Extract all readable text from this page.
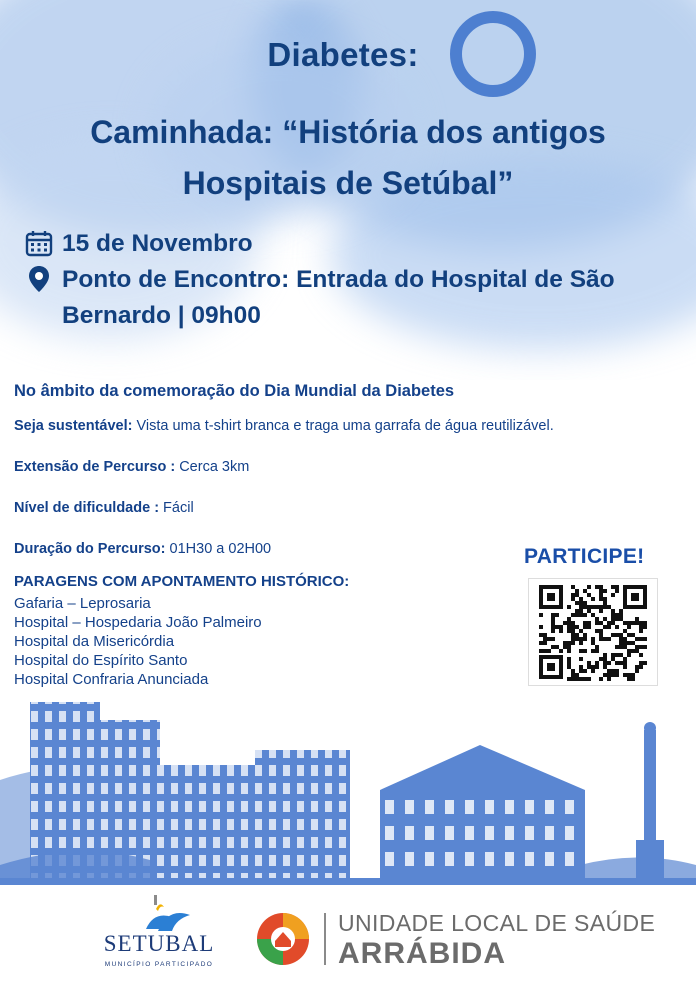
Diabetes:
Caminhada: “História dos antigos Hospitais de Setúbal”
15 de Novembro
Ponto de Encontro: Entrada do Hospital de São Bernardo | 09h00
No âmbito da comemoração do Dia Mundial da Diabetes
Seja sustentável: Vista uma t-shirt branca e traga uma garrafa de água reutilizável.
Extensão de Percurso : Cerca 3km
Nível de dificuldade : Fácil
Duração do Percurso: 01H30 a 02H00
PARAGENS COM APONTAMENTO HISTÓRICO:
Gafaria – Leprosaria
Hospital – Hospedaria João Palmeiro
Hospital da Misericórdia
Hospital do Espírito Santo
Hospital Confraria Anunciada
PARTICIPE!
SETUBAL
MUNICÍPIO PARTICIPADO
UNIDADE LOCAL DE SAÚDE
ARRÁBIDA
